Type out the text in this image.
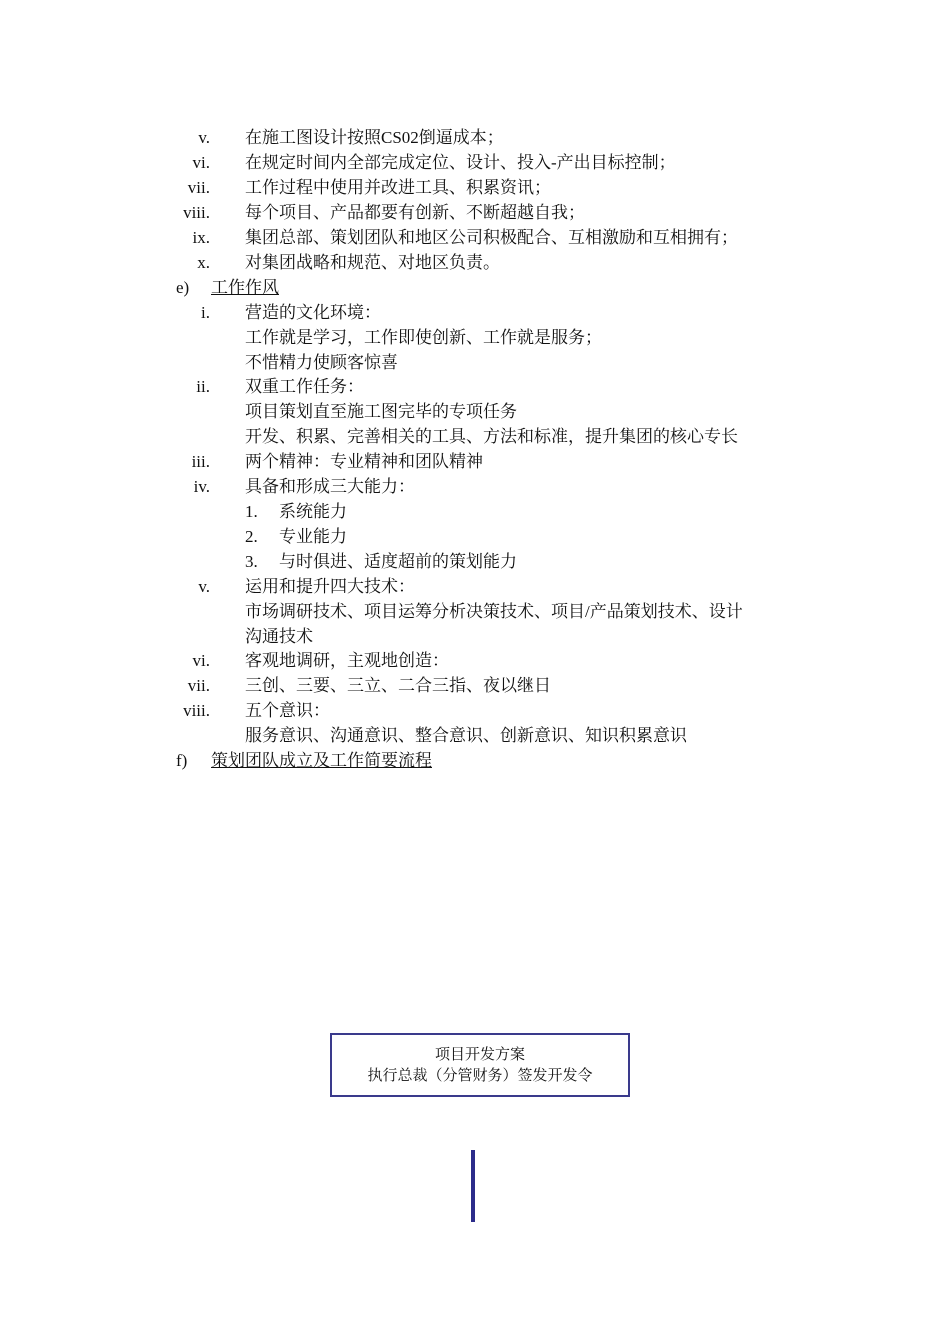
v. 在施工图设计按照CS02倒逼成本；
vi. 在规定时间内全部完成定位、设计、投入-产出目标控制；
vii. 工作过程中使用并改进工具、积累资讯；
viii. 每个项目、产品都要有创新、不断超越自我；
ix. 集团总部、策划团队和地区公司积极配合、互相激励和互相拥有；
x. 对集团战略和规范、对地区负责。
e) 工作作风
i. 营造的文化环境：
工作就是学习，工作即使创新、工作就是服务；
不惜精力使顾客惊喜
ii. 双重工作任务：
项目策划直至施工图完毕的专项任务
开发、积累、完善相关的工具、方法和标准，提升集团的核心专长
iii. 两个精神：专业精神和团队精神
iv. 具备和形成三大能力：
1. 系统能力
2. 专业能力
3. 与时俱进、适度超前的策划能力
v. 运用和提升四大技术：
市场调研技术、项目运筹分析决策技术、项目/产品策划技术、设计
沟通技术
vi. 客观地调研，主观地创造：
vii. 三创、三要、三立、二合三指、夜以继日
viii. 五个意识：
服务意识、沟通意识、整合意识、创新意识、知识积累意识
f) 策划团队成立及工作简要流程
项目开发方案
执行总裁（分管财务）签发开发令
